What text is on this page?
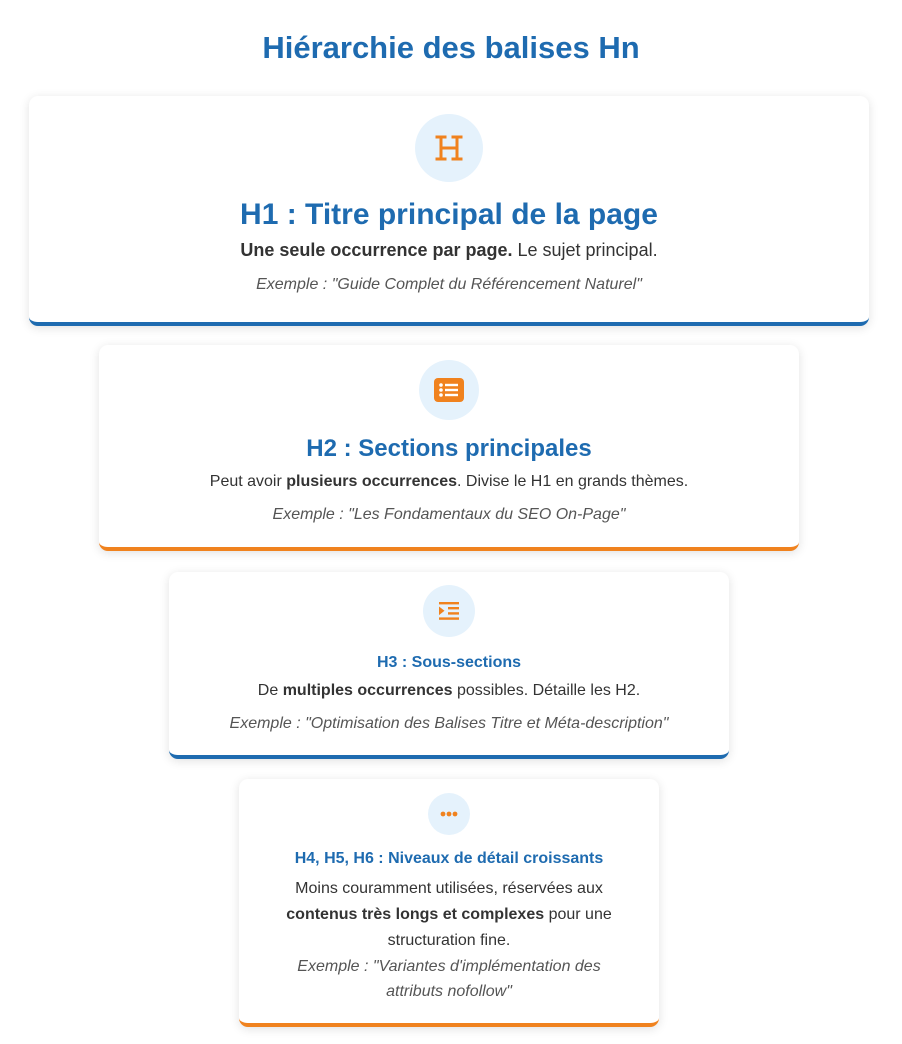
Hiérarchie des balises Hn
H1 : Titre principal de la page

Une seule occurrence par page. Le sujet principal.

Exemple : "Guide Complet du Référencement Naturel"

H2 : Sections principales

Peut avoir plusieurs occurrences. Divise le H1 en grands thèmes.

Exemple : "Les Fondamentaux du SEO On-Page"

H3 : Sous-sections

De multiples occurrences possibles. Détaille les H2.

Exemple : "Optimisation des Balises Titre et Méta-description"

H4, H5, H6 : Niveaux de détail croissants

Moins couramment utilisées, réservées aux contenus très longs et complexes pour une structuration fine.

Exemple : "Variantes d'implémentation des attributs nofollow"
